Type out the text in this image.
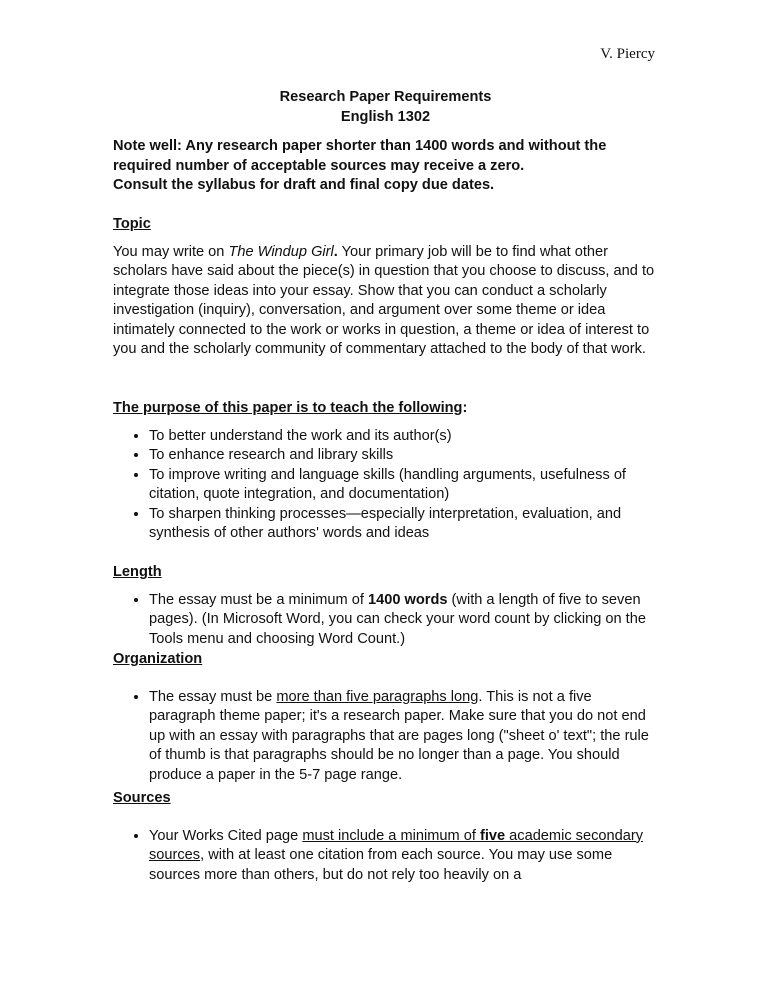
V. Piercy
Research Paper Requirements
English 1302

Note well: Any research paper shorter than 1400 words and without the required number of acceptable sources may receive a zero.

Consult the syllabus for draft and final copy due dates.

Topic

You may write on The Windup Girl. Your primary job will be to find what other scholars have said about the piece(s) in question that you choose to discuss, and to integrate those ideas into your essay. Show that you can conduct a scholarly investigation (inquiry), conversation, and argument over some theme or idea intimately connected to the work or works in question, a theme or idea of interest to you and the scholarly community of commentary attached to the body of that work.

The purpose of this paper is to teach the following:

• To better understand the work and its author(s)
• To enhance research and library skills
• To improve writing and language skills (handling arguments, usefulness of citation, quote integration, and documentation)
• To sharpen thinking processes—especially interpretation, evaluation, and synthesis of other authors' words and ideas
Length
• The essay must be a minimum of 1400 words (with a length of five to seven pages). (In Microsoft Word, you can check your word count by clicking on the Tools menu and choosing Word Count.)
Organization
• The essay must be more than five paragraphs long. This is not a five paragraph theme paper; it's a research paper. Make sure that you do not end up with an essay with paragraphs that are pages long ("sheet o' text"; the rule of thumb is that paragraphs should be no longer than a page. You should produce a paper in the 5-7 page range.
Sources
• Your Works Cited page must include a minimum of five academic secondary sources, with at least one citation from each source. You may use some sources more than others, but do not rely too heavily on a
